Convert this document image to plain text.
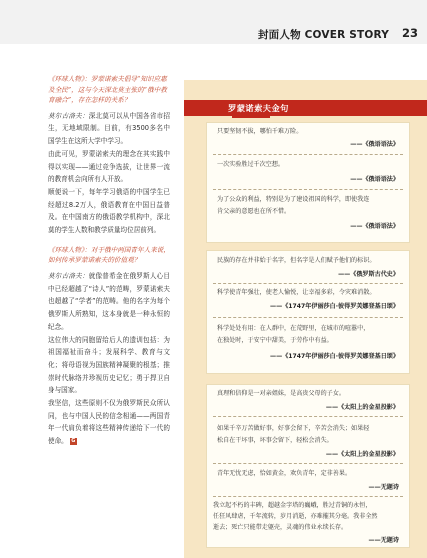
封面人物 COVER STORY 23

《环球人物》：罗蒙诺索夫倡导“知识应惠及全民”，这与今天深北莫主张的“俄中教育融合”，存在怎样的关系？

莫尔古洛夫：深北莫可以从中国各省市招生，无地域限制。目前，有3500多名中国学生在这所大学中学习。

由此可见，罗蒙诺索夫的理念在其实践中得以实现——通过竞争选拔，让世界一流的教育机会向所有人开放。

顺便说一下，每年学习俄语的中国学生已经超过8.2万人，俄语教育在中国日益普及。在中国南方的俄语教学机构中，深北莫的学生人数和教学质量均位居前列。

《环球人物》：对于俄中两国青年人来说，如何传承罗蒙诺索夫的价值观？

莫尔古洛夫：就像普希金在俄罗斯人心目中已经超越了“诗人”的范畴，罗蒙诺索夫也超越了“学者”的范畴。他的名字为每个俄罗斯人所熟知，这本身就是一种永恒的纪念。

这位伟大的同胞留给后人的遗训包括：为祖国福祉而奋斗；发展科学、教育与文化；将母语视为国族精神凝聚的根基；推崇时代脉络并珍视历史记忆；勇于捍卫自身与国家。

我坚信，这些原则不仅为俄罗斯民众所认同，也与中国人民的信念相通——两国青年一代肩负着将这些精神传递给下一代的使命。 G

罗蒙诺索夫金句
只要坚韧不拔，哪怕千难万险。
——《俄语语法》
一次实验胜过千次空想。
——《俄语语法》
为了公众的利益，特别是为了建设祖国的科学，即使我连
肯父亲的意愿也在所不惜。
——《俄语语法》
民族的存在并非始于名字，但名字是人们赋予他们的标识。
——《俄罗斯古代史》
科学使青年强壮，使老人愉悦，让幸福多彩，令灾难消散。
——《1747年伊丽莎白·彼得罗芙娜登基日颂》
科学处处有用：在人群中，在荒野里，在城市的喧嚣中，
在独处时，于安宁中甜美，于劳作中有益。
——《1747年伊丽莎白·彼得罗芙娜登基日颂》
真理和信仰是一对亲姐妹，是高贵父母的子女。
——《太阳上的金星投影》
如果千辛万苦做好事，好事会留下，辛苦会消失；如果轻
松自在干坏事，坏事会留下，轻松会消失。
——《太阳上的金星投影》
青年无忧无虑，恰如黄金，欢负青年，定非善果。
——无题诗
我立起不朽的丰碑，超越金字塔的巍峨，胜过青铜的永恒，
任狂风肆虐，千年流转，岁月消逝，亦难摧其分毫。我非全然
逝去；死亡只能带走躯壳，灵魂的伟业永续长存。
——无题诗
